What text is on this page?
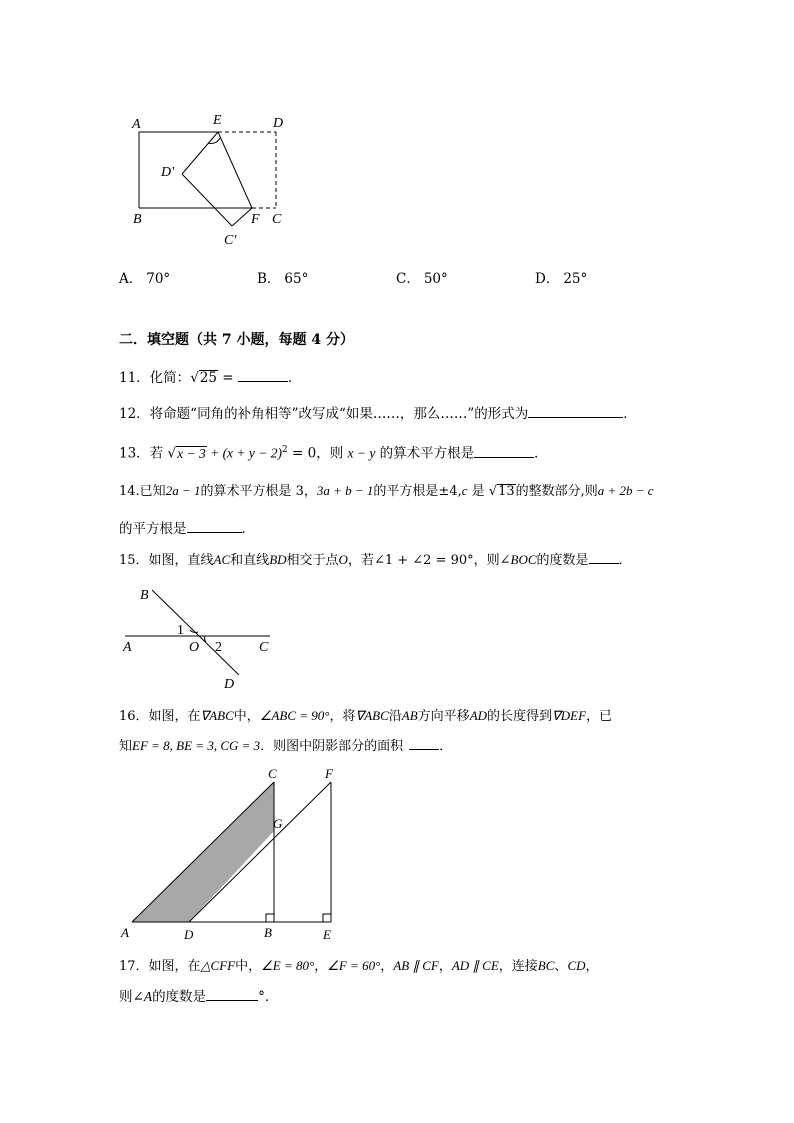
A	E	D
D′
B	F C
C′
A． 70°	B． 65°	C． 50°	D． 25°
二．填空题（共 7 小题，每题 4 分）
11．化简：√25 =	．
12．将命题“同角的补角相等”改写成“如果……，那么……”的形式为	．
13．若 $√x - 3 + (x + y - 2)^2 = 0$，则 x − y 的算术平方根是	．
14.已知2a − 1的算术平方根是 3，3a + b − 1的平方根是±4,c 是 √13的整数部分,则a + 2b − c
的平方根是	．
15．如图，直线AC和直线BD相交于点O，若∠1 + ∠2 = 90°，则∠BOC的度数是 ．
B
1
A	O 2	C
D
16．如图，在∇ABC中，∠ABC = 90°，将∇ABC沿AB方向平移AD的长度得到∇DEF，已
知EF = 8, BE = 3, CG = 3．则图中阴影部分的面积	．
C	F
G
A	D	B	E
17．如图，在△CFF中，∠E = 80°，∠F = 60°，AB ∥ CF，AD ∥ CE，连接BC、CD，
则∠A的度数是	°．
